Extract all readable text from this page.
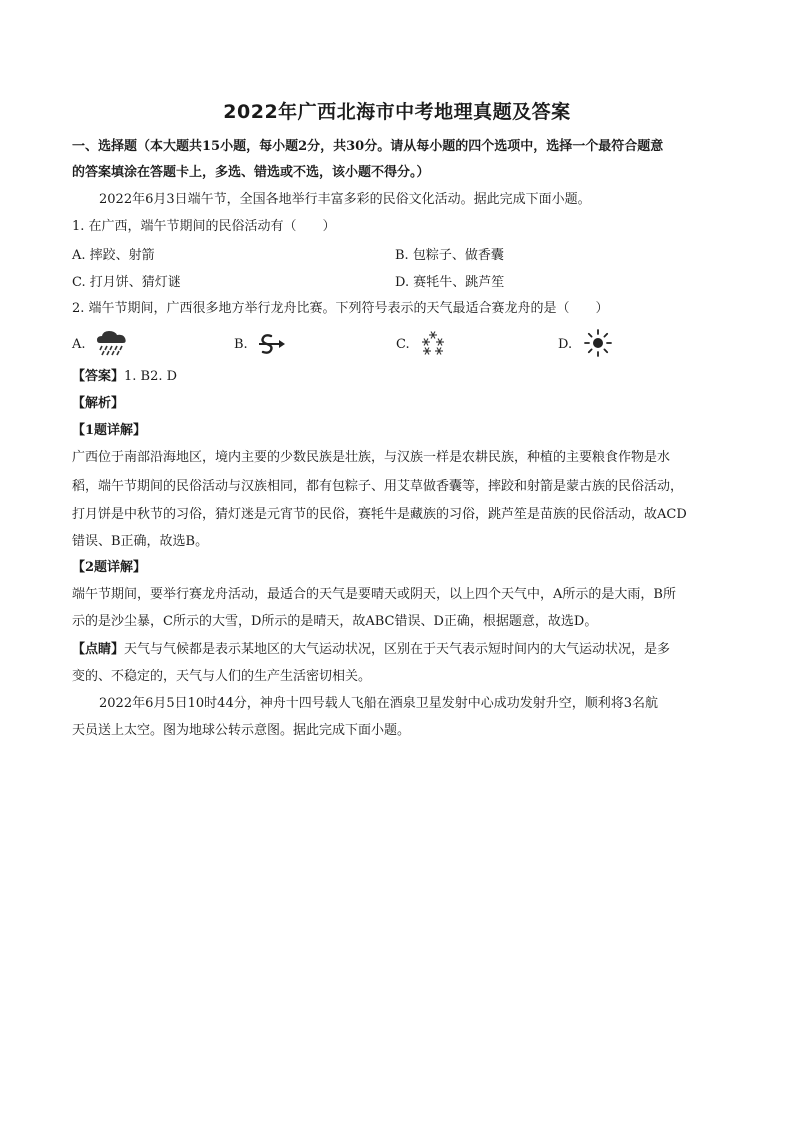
2022年广西北海市中考地理真题及答案
一、选择题（本大题共15小题，每小题2分，共30分。请从每小题的四个选项中，选择一个最符合题意
的答案填涂在答题卡上，多选、错选或不选，该小题不得分。）
2022年6月3日端午节，全国各地举行丰富多彩的民俗文化活动。据此完成下面小题。
1. 在广西，端午节期间的民俗活动有（　　）
A. 摔跤、射箭	B. 包粽子、做香囊
C. 打月饼、猜灯谜	D. 赛牦牛、跳芦笙
2. 端午节期间，广西很多地方举行龙舟比赛。下列符号表示的天气最适合赛龙舟的是（　　）
A.	B.	C.	D.
【答案】1. B2. D
【解析】
【1题详解】
广西位于南部沿海地区，境内主要的少数民族是壮族，与汉族一样是农耕民族，种植的主要粮食作物是水
稻，端午节期间的民俗活动与汉族相同，都有包粽子、用艾草做香囊等，摔跤和射箭是蒙古族的民俗活动，
打月饼是中秋节的习俗，猜灯迷是元宵节的民俗，赛牦牛是藏族的习俗，跳芦笙是苗族的民俗活动，故ACD
错误、B正确，故选B。
【2题详解】
端午节期间，要举行赛龙舟活动，最适合的天气是要晴天或阴天，以上四个天气中，A所示的是大雨，B所
示的是沙尘暴，C所示的大雪，D所示的是晴天，故ABC错误、D正确，根据题意，故选D。
【点睛】天气与气候都是表示某地区的大气运动状况，区别在于天气表示短时间内的大气运动状况，是多
变的、不稳定的，天气与人们的生产生活密切相关。
2022年6月5日10时44分，神舟十四号载人飞船在酒泉卫星发射中心成功发射升空，顺利将3名航
天员送上太空。图为地球公转示意图。据此完成下面小题。
